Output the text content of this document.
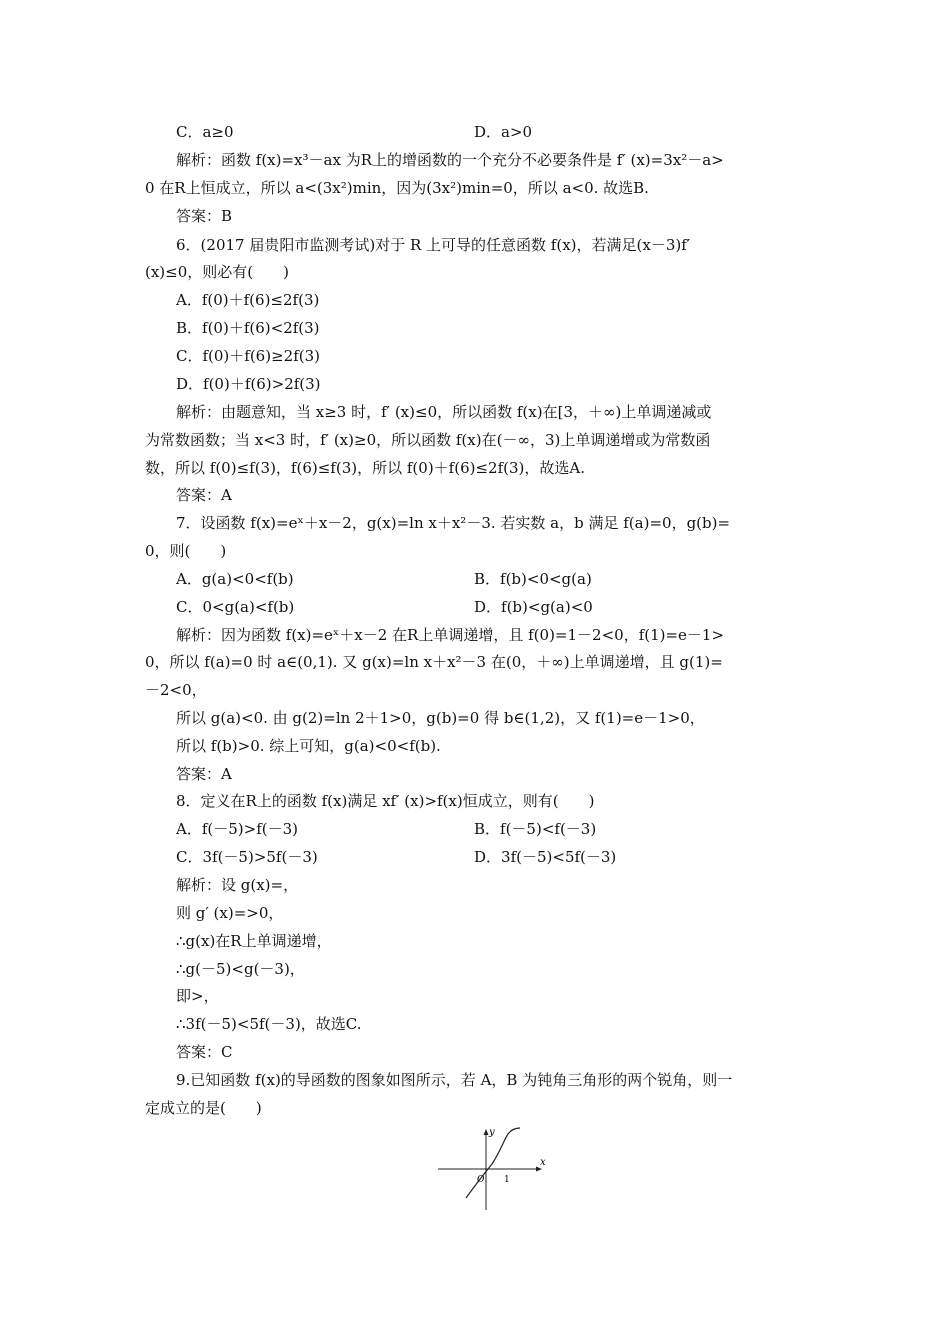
C．a≥0	D．a>0
解析：函数 f(x)=x³－ax 为R上的增函数的一个充分不必要条件是 f′ (x)=3x²－a>
0 在R上恒成立，所以 a<(3x²)min，因为(3x²)min=0，所以 a<0. 故选B.
答案：B
6．(2017 届贵阳市监测考试)对于 R 上可导的任意函数 f(x)，若满足(x－3)f′
(x)≤0，则必有(　　)
A．f(0)＋f(6)≤2f(3)
B．f(0)＋f(6)<2f(3)
C．f(0)＋f(6)≥2f(3)
D．f(0)＋f(6)>2f(3)
解析：由题意知，当 x≥3 时，f′ (x)≤0，所以函数 f(x)在[3，＋∞)上单调递减或
为常数函数；当 x<3 时，f′ (x)≥0，所以函数 f(x)在(－∞，3)上单调递增或为常数函
数，所以 f(0)≤f(3)，f(6)≤f(3)，所以 f(0)＋f(6)≤2f(3)，故选A.
答案：A
7．设函数 f(x)=eˣ＋x－2，g(x)=ln x＋x²－3. 若实数 a，b 满足 f(a)=0，g(b)=
0，则(　　)
A．g(a)<0<f(b)	B．f(b)<0<g(a)
C．0<g(a)<f(b)	D．f(b)<g(a)<0
解析：因为函数 f(x)=eˣ＋x－2 在R上单调递增，且 f(0)=1－2<0，f(1)=e－1>
0，所以 f(a)=0 时 a∈(0,1). 又 g(x)=ln x＋x²－3 在(0，＋∞)上单调递增，且 g(1)=
－2<0，
所以 g(a)<0. 由 g(2)=ln 2＋1>0，g(b)=0 得 b∈(1,2)，又 f(1)=e－1>0，
所以 f(b)>0. 综上可知，g(a)<0<f(b).
答案：A
8．定义在R上的函数 f(x)满足 xf′ (x)>f(x)恒成立，则有(　　)
A．f(－5)>f(－3)	B．f(－5)<f(－3)
C．3f(－5)>5f(－3)	D．3f(－5)<5f(－3)
解析：设 g(x)=，
则 g′ (x)=>0，
∴g(x)在R上单调递增，
∴g(－5)<g(－3)，
即>，
∴3f(－5)<5f(－3)，故选C.
答案：C
9.已知函数 f(x)的导函数的图象如图所示，若 A，B 为钝角三角形的两个锐角，则一
定成立的是(　　)
y
x
O 1
